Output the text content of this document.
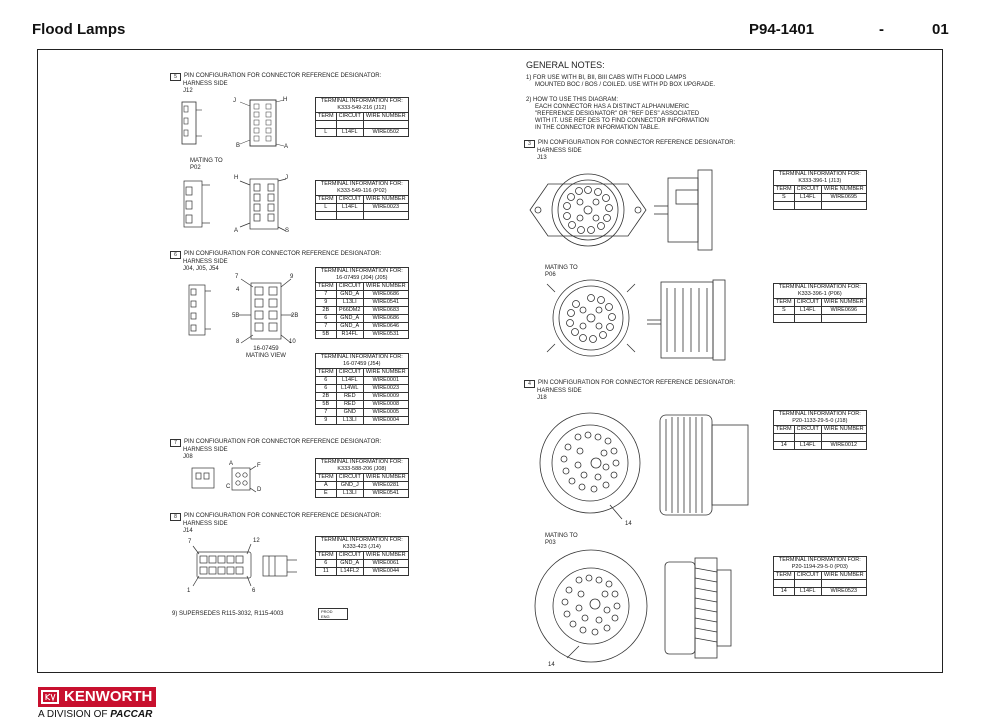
Flood Lamps	P94-1401	-	01
5 PIN CONFIGURATION FOR CONNECTOR REFERENCE DESIGNATOR:
HARNESS SIDE
J12
J	H
B	A
TERMINAL INFORMATION FOR:
K333-549-216 (J12)		
TERM	CIRCUIT	WIRE NUMBER

L	L14FL	WIRE0502
MATING TO
P02
H	J
A	S
TERMINAL INFORMATION FOR:
K333-549-116 (P02)		
TERM	CIRCUIT	WIRE NUMBER
L	L14FL	WIRE0023

6 PIN CONFIGURATION FOR CONNECTOR REFERENCE DESIGNATOR:
HARNESS SIDE
J04, J05, J54
7
4
9
5B	2B
8	10
16-07459
MATING VIEW
TERMINAL INFORMATION FOR:
16-07459 (J04) (J05)		
TERM	CIRCUIT	WIRE NUMBER
7	GND_A	WIRE0686
9	L13LI	WIRE0541
2B	P66DM2	WIRE0683
6	GND_A	WIRE0686
7	GND_A	WIRE0646
5B	R14FL	WIRE0531
TERMINAL INFORMATION FOR:
16-07459 (J54)		
TERM	CIRCUIT	WIRE NUMBER
6	L14FL	WIRE0001
6	L14WL	WIRE0023
2B	RED	WIRE0009
5B	RED	WIRE0008
7	GND	WIRE0005
9	L13LI	WIRE0004
7 PIN CONFIGURATION FOR CONNECTOR REFERENCE DESIGNATOR:
HARNESS SIDE
J08
A	F
C	D
TERMINAL INFORMATION FOR:
K333-588-206 (J08)		
TERM	CIRCUIT	WIRE NUMBER
A	GND_J	WIRE0281
E	L13LI	WIRE0541
8 PIN CONFIGURATION FOR CONNECTOR REFERENCE DESIGNATOR:
HARNESS SIDE
J14
7	12
1	6
TERMINAL INFORMATION FOR:
K333-423 (J14)		
TERM	CIRCUIT	WIRE NUMBER
6	GND_A	WIRE0061
11	L14FL2	WIRE0044
9) SUPERSEDES R115-3032, R115-4003	PROD
ENG
GENERAL NOTES:
1) FOR USE WITH BI, BII, BIII CABS WITH FLOOD LAMPS
MOUNTED BOC / BOS / COILED. USE WITH PD BOX UPGRADE.
2) HOW TO USE THIS DIAGRAM:
EACH CONNECTOR HAS A DISTINCT ALPHANUMERIC
"REFERENCE DESIGNATOR" OR "REF DES" ASSOCIATED
WITH IT. USE REF DES TO FIND CONNECTOR INFORMATION
IN THE CONNECTOR INFORMATION TABLE.
3 PIN CONFIGURATION FOR CONNECTOR REFERENCE DESIGNATOR:
HARNESS SIDE
J13
TERMINAL INFORMATION FOR:
K333-396-1 (J13)		
TERM	CIRCUIT	WIRE NUMBER
S	L14FL	WIRE0695

MATING TO
P06
TERMINAL INFORMATION FOR:
K333-396-1 (P06)		
TERM	CIRCUIT	WIRE NUMBER
S	L14FL	WIRE0696

4 PIN CONFIGURATION FOR CONNECTOR REFERENCE DESIGNATOR:
HARNESS SIDE
J18
14
TERMINAL INFORMATION FOR:
P20-1133-29-5-0 (J18)		
TERM	CIRCUIT	WIRE NUMBER

14	L14FL	WIRE0012
MATING TO
P03
14
TERMINAL INFORMATION FOR:
P20-1194-29-5-0 (P03)		
TERM	CIRCUIT	WIRE NUMBER

14	L14FL	WIRE0523
KENWORTH
A DIVISION OF PACCAR
